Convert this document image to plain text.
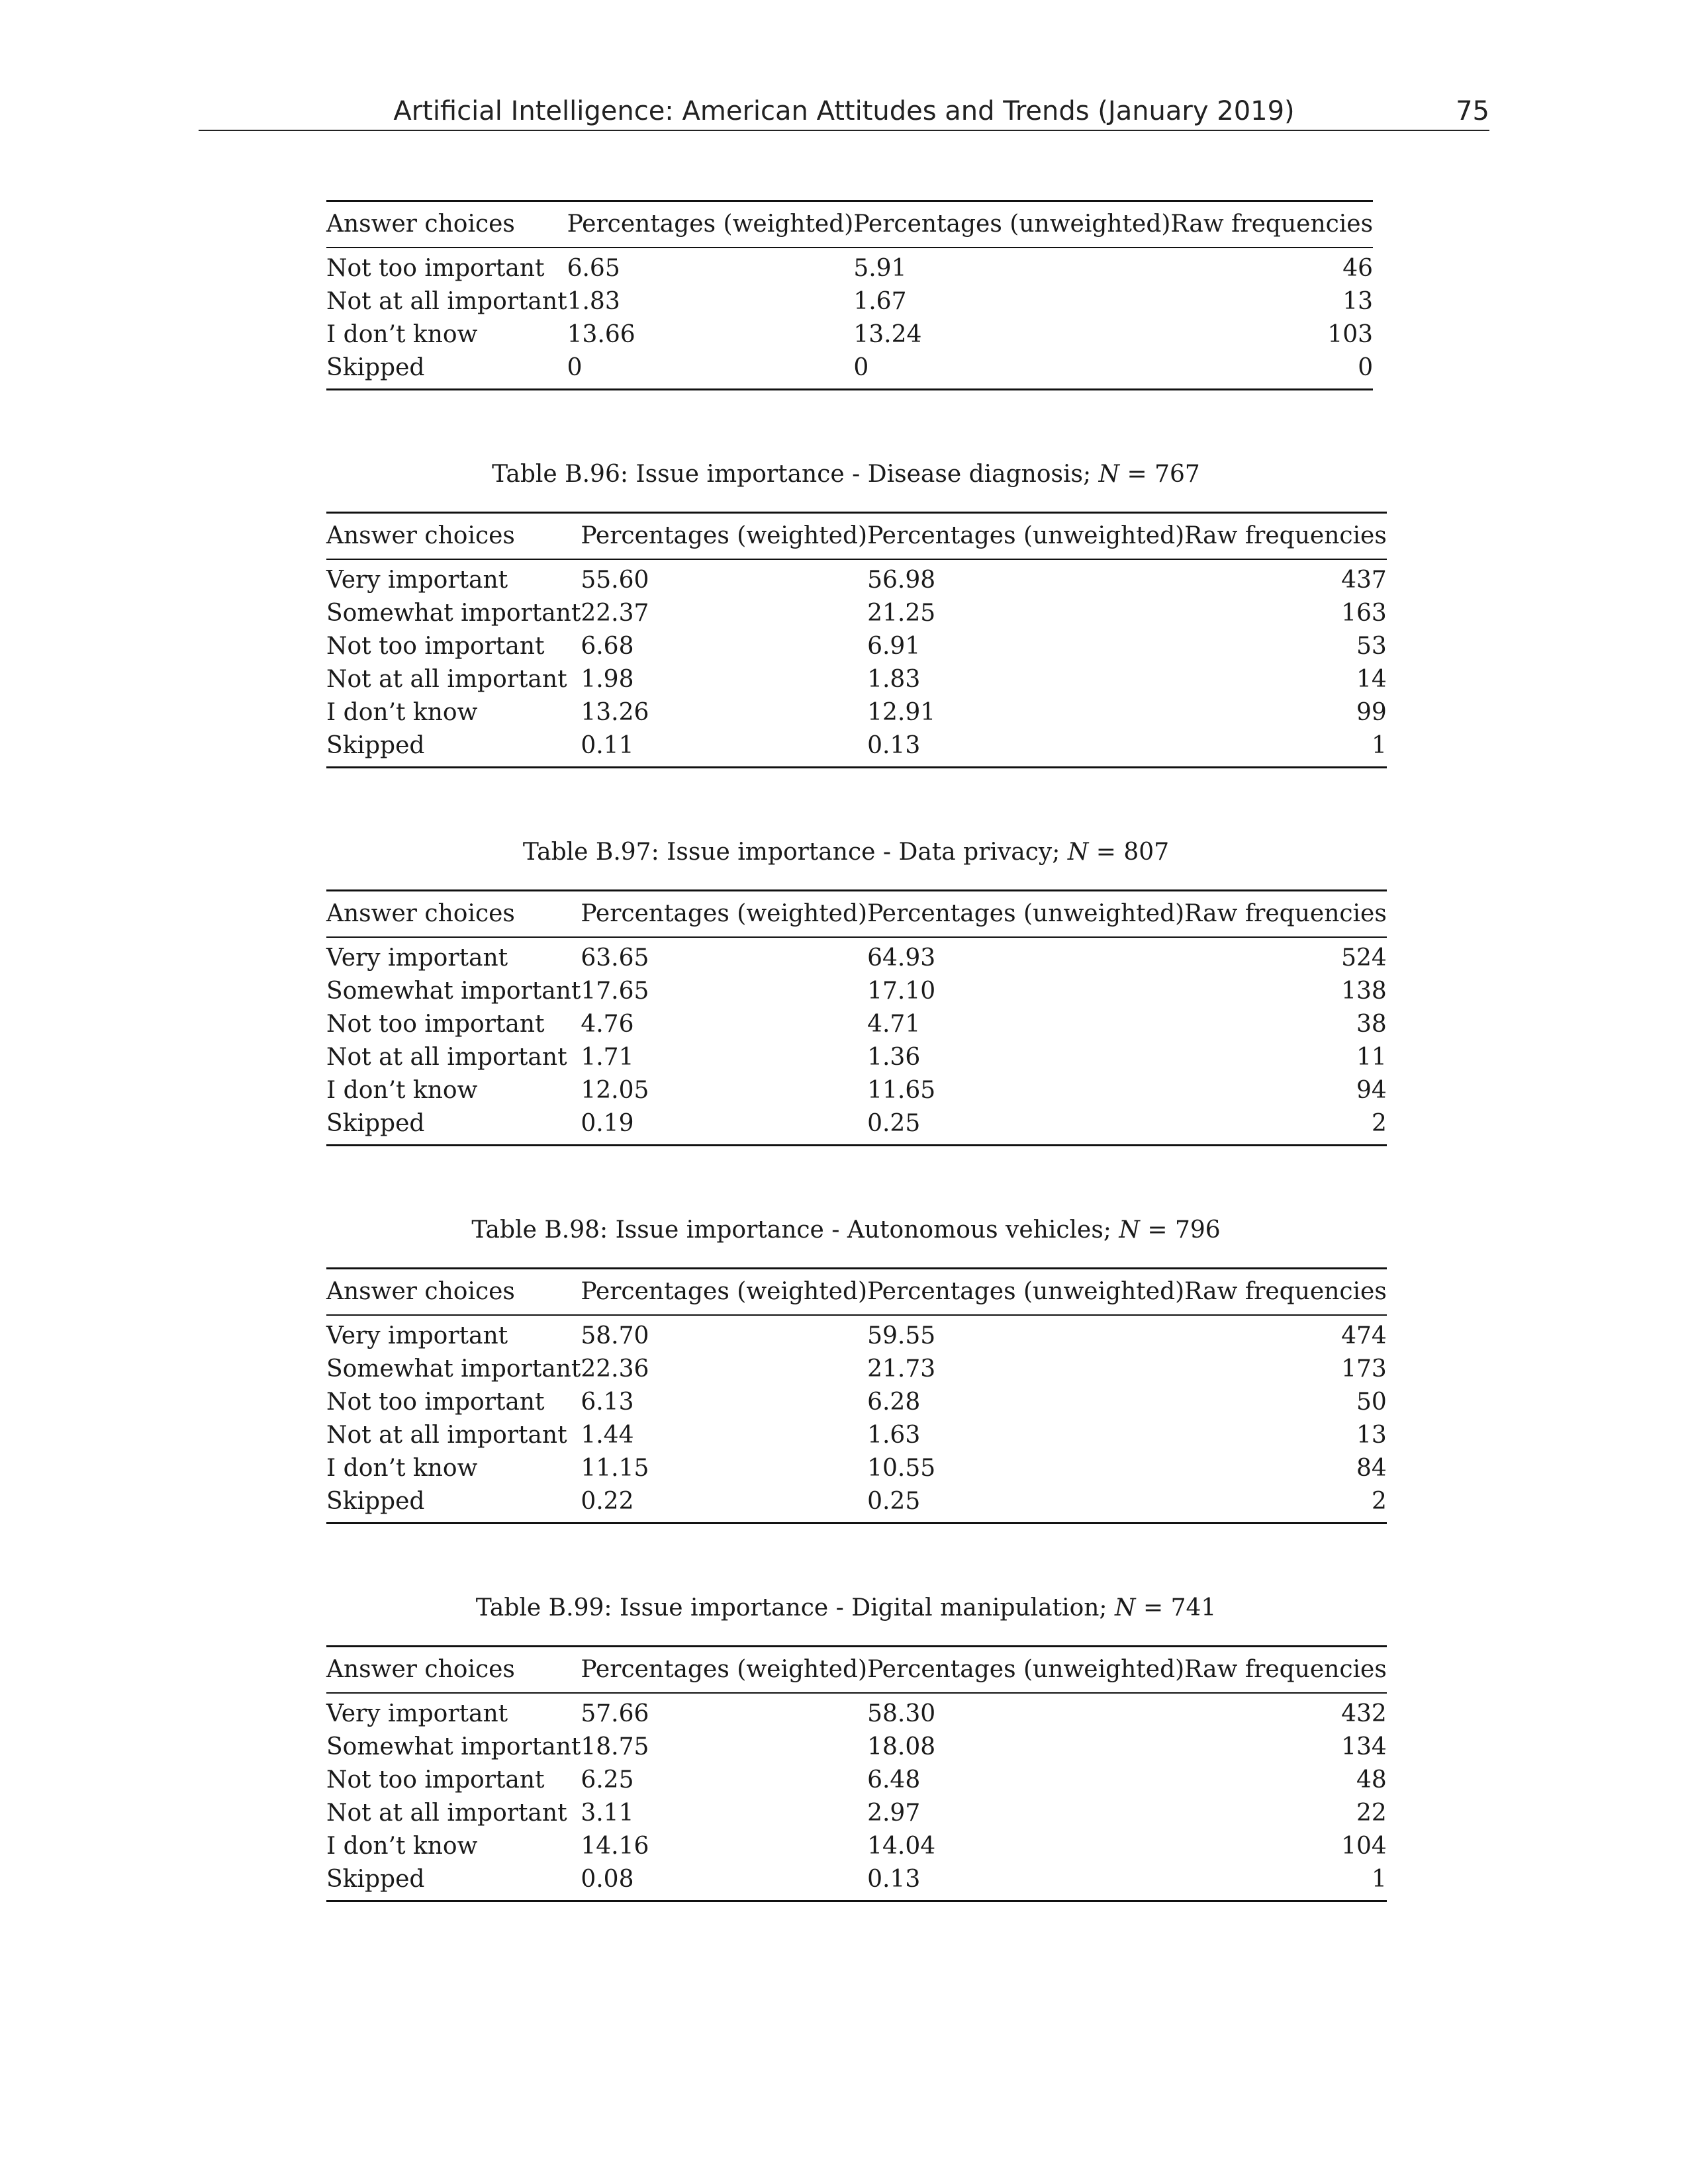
Artificial Intelligence: American Attitudes and Trends (January 2019)	75
Answer choices	Percentages (weighted)	Percentages (unweighted)	Raw frequencies
Not too important	6.65	5.91	46
Not at all important	1.83	1.67	13
I don’t know	13.66	13.24	103
Skipped	0	0	0
Table B.96: Issue importance - Disease diagnosis; N = 767
Answer choices	Percentages (weighted)	Percentages (unweighted)	Raw frequencies
Very important	55.60	56.98	437
Somewhat important	22.37	21.25	163
Not too important	6.68	6.91	53
Not at all important	1.98	1.83	14
I don’t know	13.26	12.91	99
Skipped	0.11	0.13	1
Table B.97: Issue importance - Data privacy; N = 807
Answer choices	Percentages (weighted)	Percentages (unweighted)	Raw frequencies
Very important	63.65	64.93	524
Somewhat important	17.65	17.10	138
Not too important	4.76	4.71	38
Not at all important	1.71	1.36	11
I don’t know	12.05	11.65	94
Skipped	0.19	0.25	2
Table B.98: Issue importance - Autonomous vehicles; N = 796
Answer choices	Percentages (weighted)	Percentages (unweighted)	Raw frequencies
Very important	58.70	59.55	474
Somewhat important	22.36	21.73	173
Not too important	6.13	6.28	50
Not at all important	1.44	1.63	13
I don’t know	11.15	10.55	84
Skipped	0.22	0.25	2
Table B.99: Issue importance - Digital manipulation; N = 741
Answer choices	Percentages (weighted)	Percentages (unweighted)	Raw frequencies
Very important	57.66	58.30	432
Somewhat important	18.75	18.08	134
Not too important	6.25	6.48	48
Not at all important	3.11	2.97	22
I don’t know	14.16	14.04	104
Skipped	0.08	0.13	1
